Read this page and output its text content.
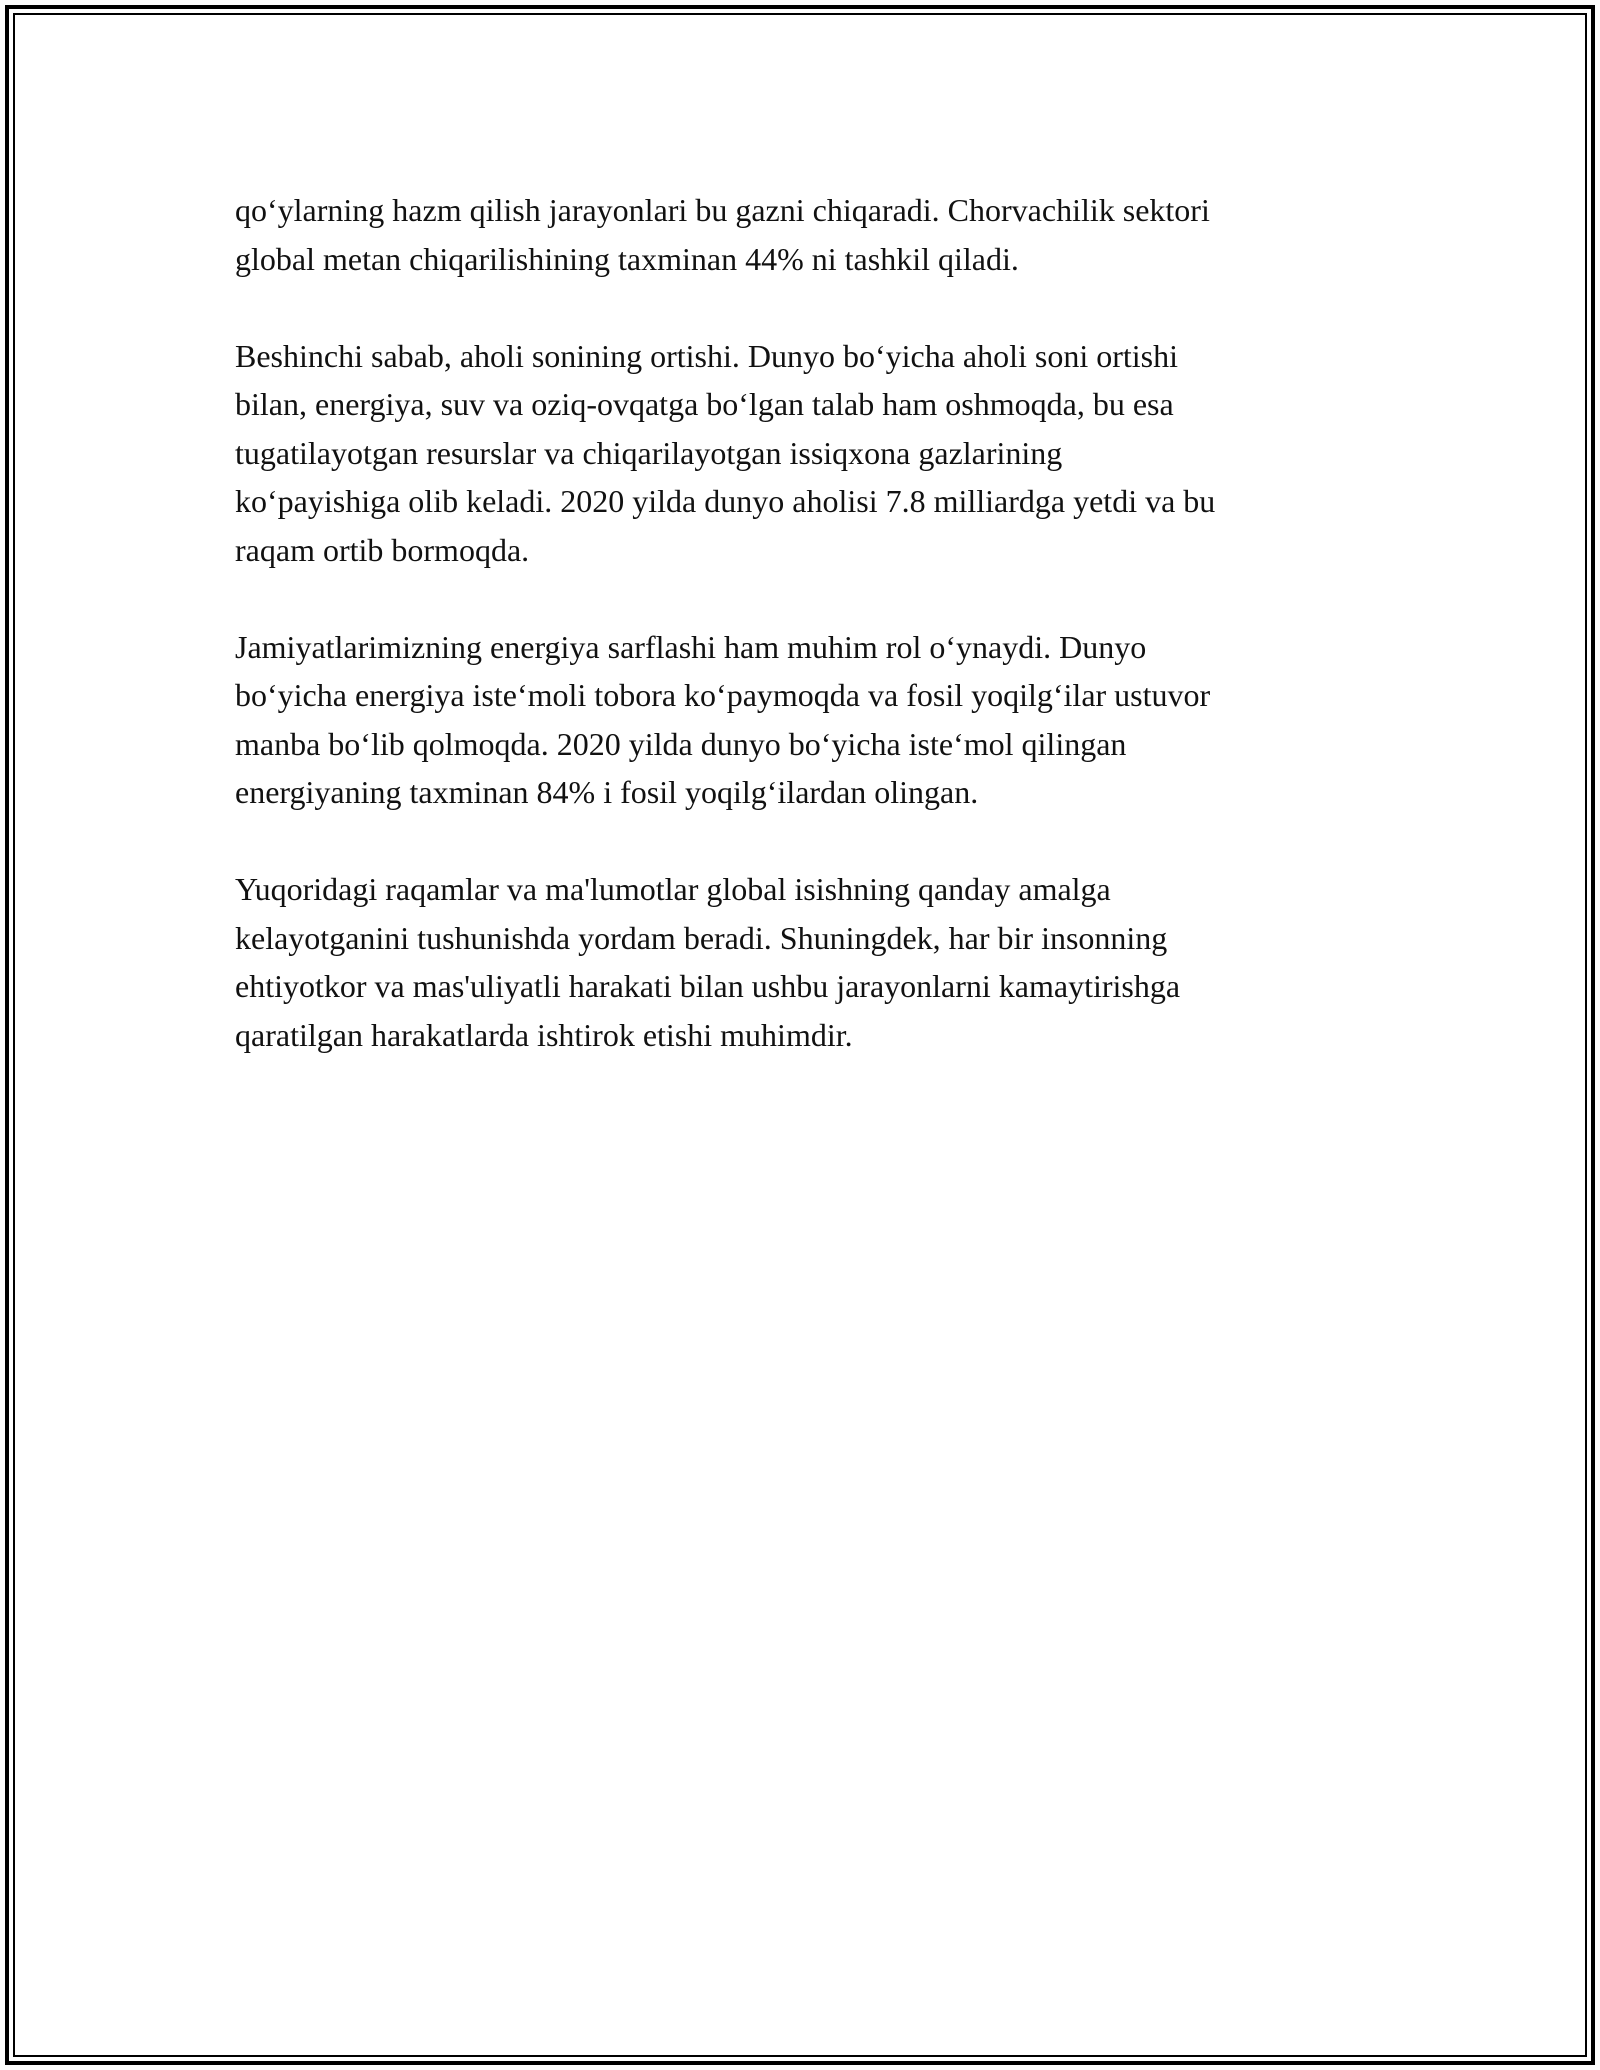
qo‘ylarning hazm qilish jarayonlari bu gazni chiqaradi. Chorvachilik sektori
global metan chiqarilishining taxminan 44% ni tashkil qiladi.

Beshinchi sabab, aholi sonining ortishi. Dunyo bo‘yicha aholi soni ortishi
bilan, energiya, suv va oziq-ovqatga bo‘lgan talab ham oshmoqda, bu esa
tugatilayotgan resurslar va chiqarilayotgan issiqxona gazlarining
ko‘payishiga olib keladi. 2020 yilda dunyo aholisi 7.8 milliardga yetdi va bu
raqam ortib bormoqda.

Jamiyatlarimizning energiya sarflashi ham muhim rol o‘ynaydi. Dunyo
bo‘yicha energiya iste‘moli tobora ko‘paymoqda va fosil yoqilg‘ilar ustuvor
manba bo‘lib qolmoqda. 2020 yilda dunyo bo‘yicha iste‘mol qilingan
energiyaning taxminan 84% i fosil yoqilg‘ilardan olingan.

Yuqoridagi raqamlar va ma'lumotlar global isishning qanday amalga
kelayotganini tushunishda yordam beradi. Shuningdek, har bir insonning
ehtiyotkor va mas'uliyatli harakati bilan ushbu jarayonlarni kamaytirishga
qaratilgan harakatlarda ishtirok etishi muhimdir.
